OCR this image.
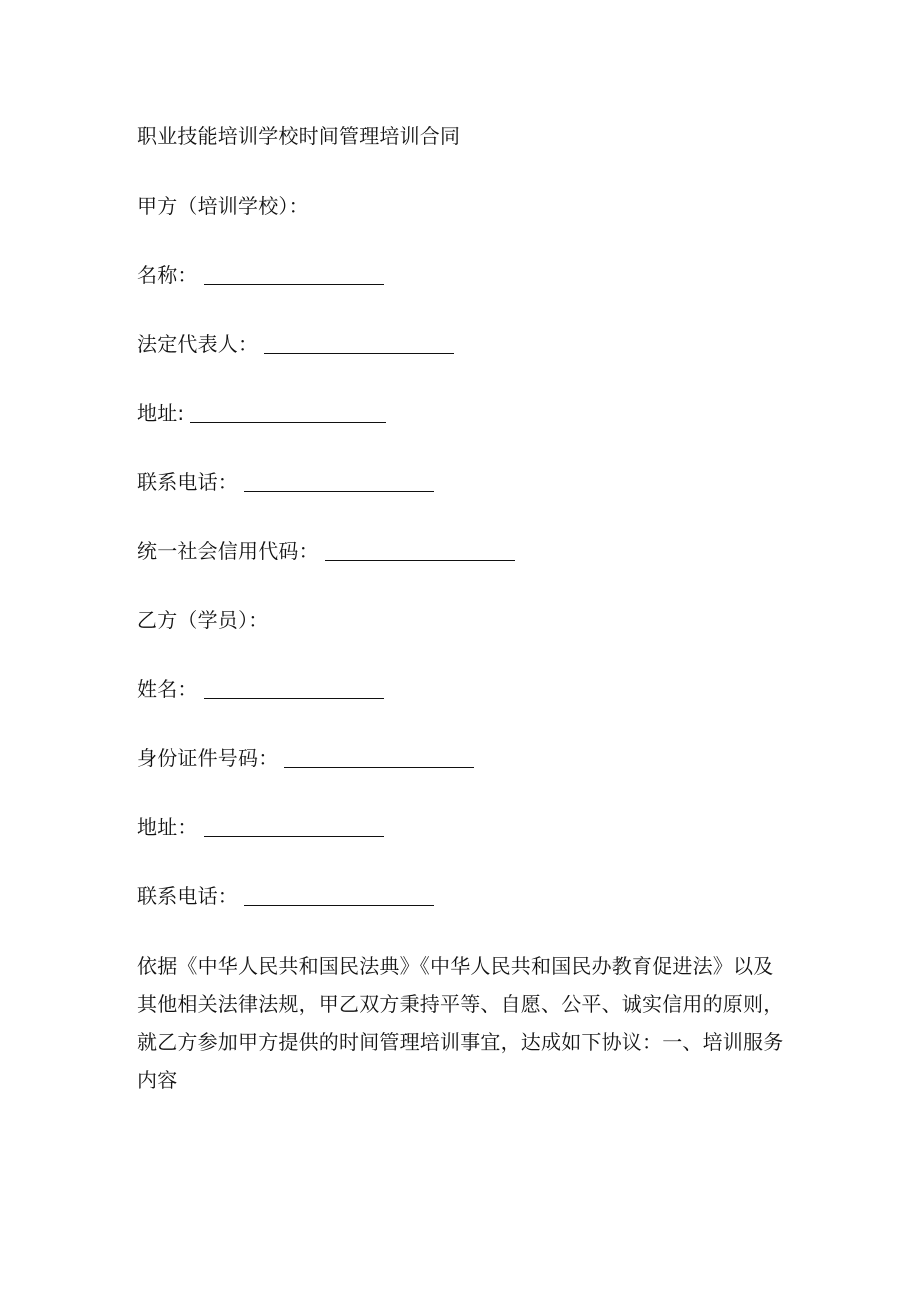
职业技能培训学校时间管理培训合同
甲方（培训学校）：
名称：
法定代表人：
地址:
联系电话：
统一社会信用代码：
乙方（学员）：
姓名：
身份证件号码：
地址：
联系电话：
依据《中华人民共和国民法典》《中华人民共和国民办教育促进法》以及其他相关法律法规，甲乙双方秉持平等、自愿、公平、诚实信用的原则，就乙方参加甲方提供的时间管理培训事宜，达成如下协议：一、培训服务内容
